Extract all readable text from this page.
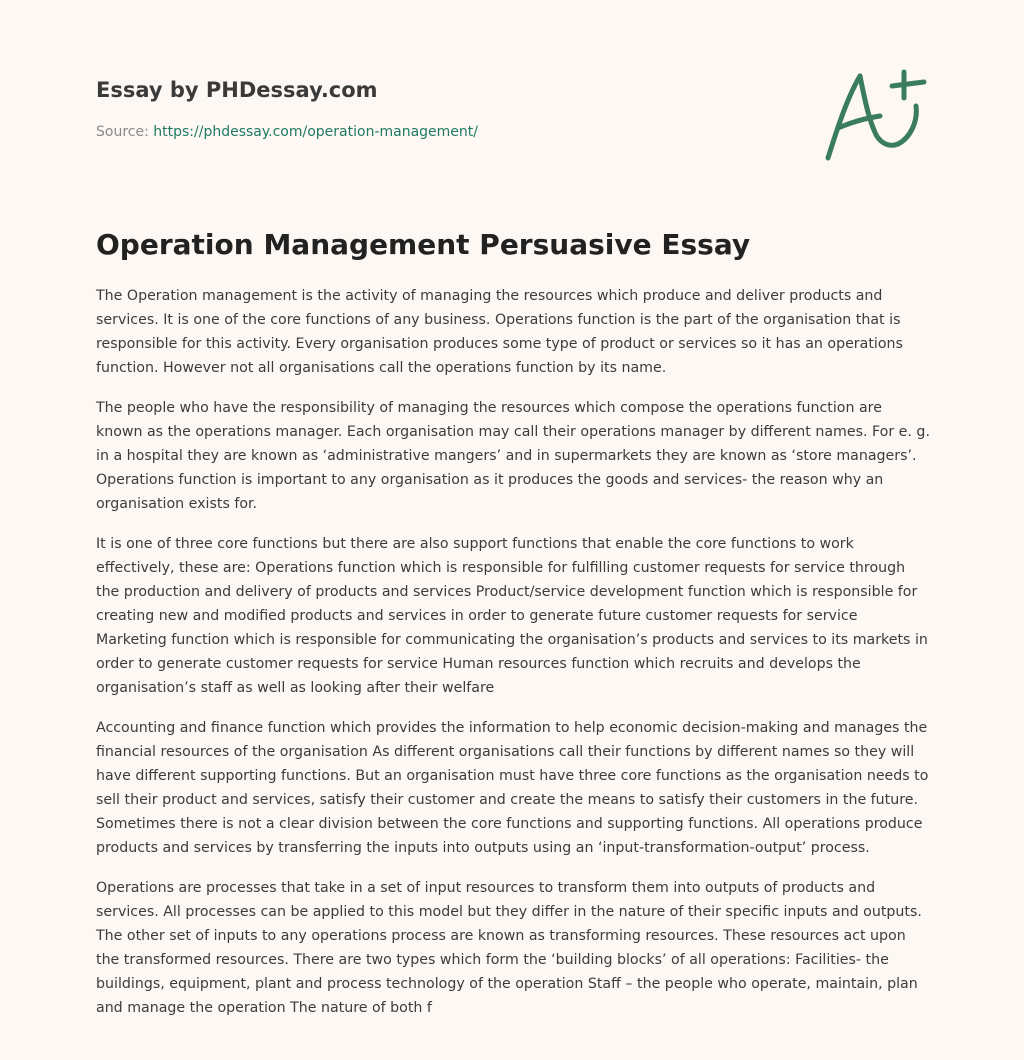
Essay by PHDessay.com
Source: https://phdessay.com/operation-management/
Operation Management Persuasive Essay

The Operation management is the activity of managing the resources which produce and deliver products and services. It is one of the core functions of any business. Operations function is the part of the organisation that is responsible for this activity. Every organisation produces some type of product or services so it has an operations function. However not all organisations call the operations function by its name.

The people who have the responsibility of managing the resources which compose the operations function are known as the operations manager. Each organisation may call their operations manager by different names. For e. g. in a hospital they are known as ‘administrative mangers’ and in supermarkets they are known as ‘store managers’. Operations function is important to any organisation as it produces the goods and services- the reason why an organisation exists for.

It is one of three core functions but there are also support functions that enable the core functions to work effectively, these are: Operations function which is responsible for fulfilling customer requests for service through the production and delivery of products and services Product/service development function which is responsible for creating new and modified products and services in order to generate future customer requests for service Marketing function which is responsible for communicating the organisation’s products and services to its markets in order to generate customer requests for service Human resources function which recruits and develops the organisation’s staff as well as looking after their welfare

Accounting and finance function which provides the information to help economic decision-making and manages the financial resources of the organisation As different organisations call their functions by different names so they will have different supporting functions. But an organisation must have three core functions as the organisation needs to sell their product and services, satisfy their customer and create the means to satisfy their customers in the future. Sometimes there is not a clear division between the core functions and supporting functions. All operations produce products and services by transferring the inputs into outputs using an ‘input-transformation-output’ process.

Operations are processes that take in a set of input resources to transform them into outputs of products and services. All processes can be applied to this model but they differ in the nature of their specific inputs and outputs. The other set of inputs to any operations process are known as transforming resources. These resources act upon the transformed resources. There are two types which form the ‘building blocks’ of all operations: Facilities- the buildings, equipment, plant and process technology of the operation Staff – the people who operate, maintain, plan and manage the operation The nature of both f
